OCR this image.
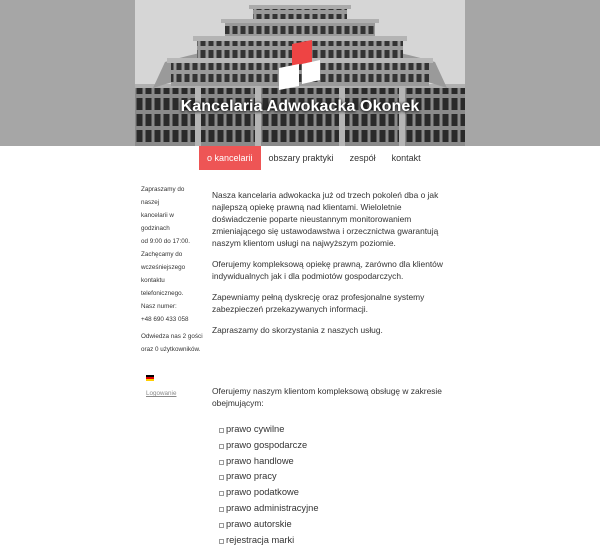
Kancelaria Adwokacka Okonek
o kancelarii	obszary praktyki	zespół	kontakt

Zapraszamy do naszej

kancelarii w godzinach

od 9:00 do 17:00.

Zachęcamy do

wcześniejszego

kontaktu telefonicznego.

Nasz numer:

+48 690 433 058

Odwiedza nas 2 gości

oraz 0 użytkowników.

Logowanie

Nasza kancelaria adwokacka już od trzech pokoleń dba o jak najlepszą opiekę prawną nad klientami. Wieloletnie doświadczenie poparte nieustannym monitorowaniem zmieniającego się ustawodawstwa i orzecznictwa gwarantują naszym klientom usługi na najwyższym poziomie.

Oferujemy kompleksową opiekę prawną, zarówno dla klientów indywidualnych jak i dla podmiotów gospodarczych.

Zapewniamy pełną dyskrecję oraz profesjonalne systemy zabezpieczeń przekazywanych informacji.

Zapraszamy do skorzystania z naszych usług.

Oferujemy naszym klientom kompleksową obsługę w zakresie obejmującym:

prawo cywilne
prawo gospodarcze
prawo handlowe
prawo pracy
prawo podatkowe
prawo administracyjne
prawo autorskie
rejestracja marki
